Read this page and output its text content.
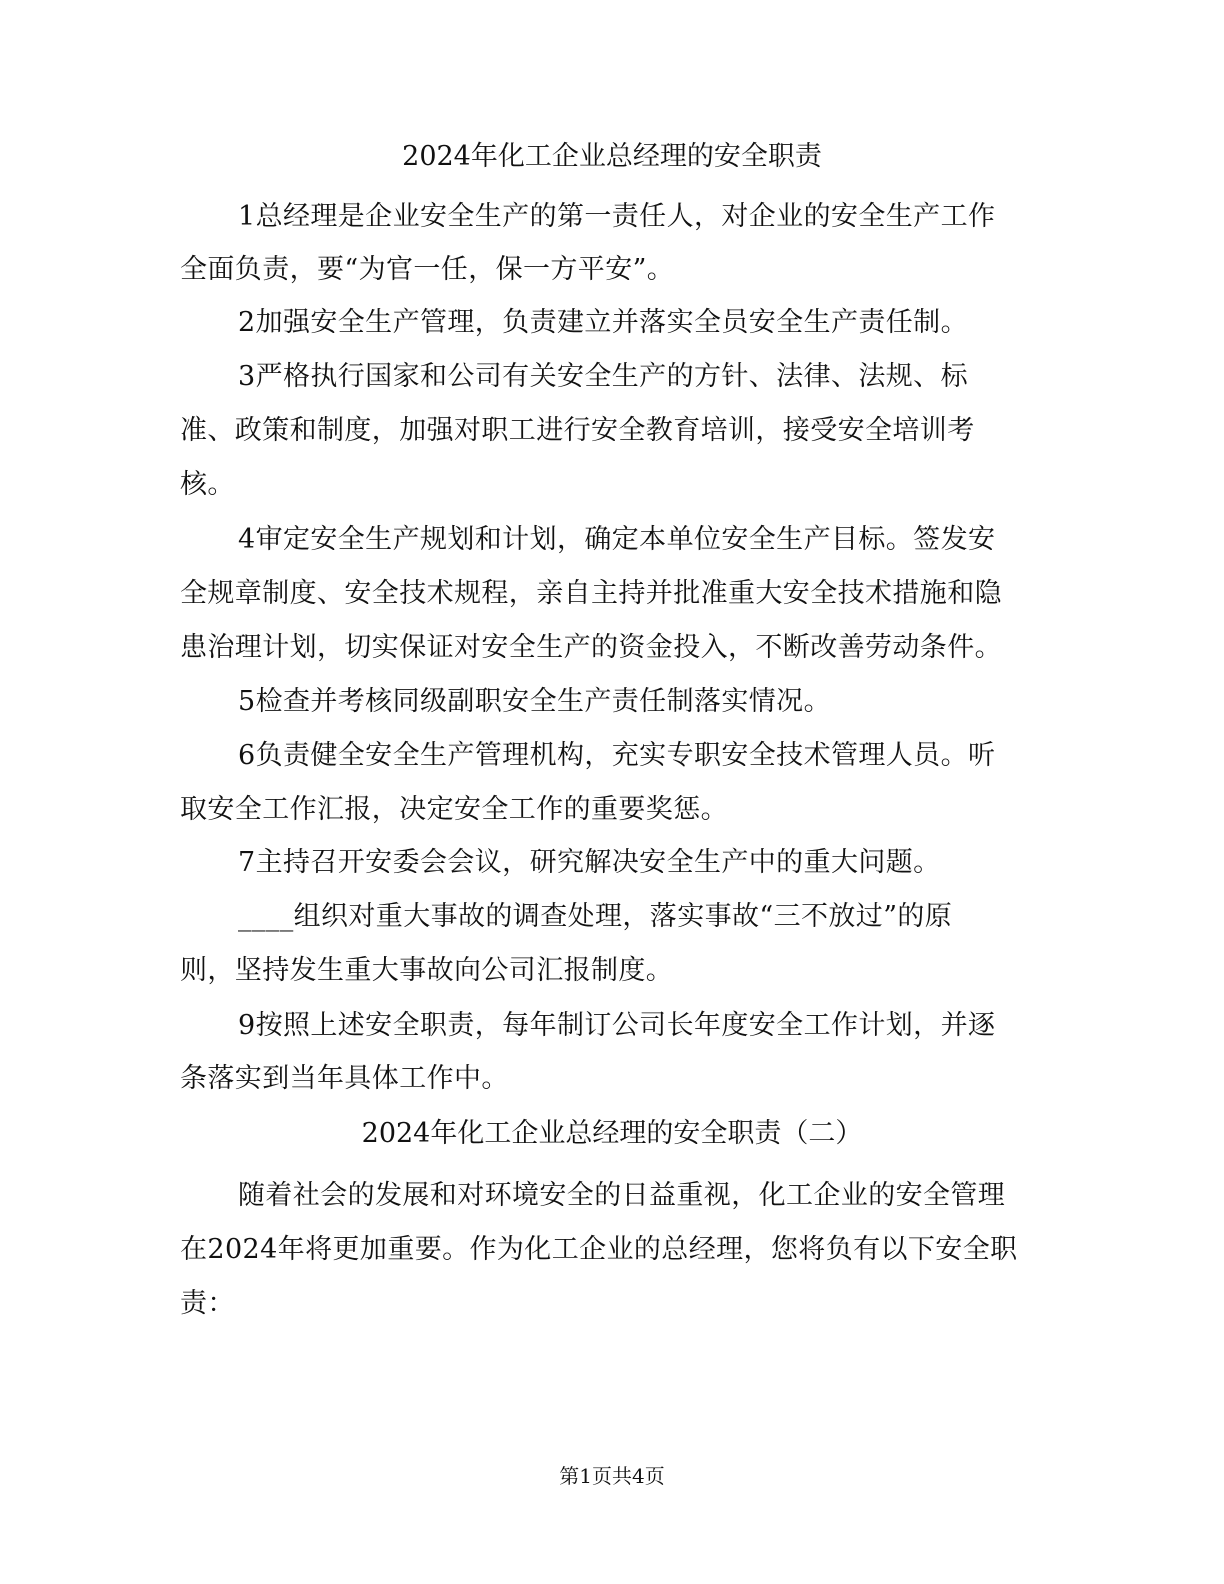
2024年化工企业总经理的安全职责
1总经理是企业安全生产的第一责任人，对企业的安全生产工作
全面负责，要“为官一任，保一方平安”。
2加强安全生产管理，负责建立并落实全员安全生产责任制。
3严格执行国家和公司有关安全生产的方针、法律、法规、标
准、政策和制度，加强对职工进行安全教育培训，接受安全培训考
核。
4审定安全生产规划和计划，确定本单位安全生产目标。签发安
全规章制度、安全技术规程，亲自主持并批准重大安全技术措施和隐
患治理计划，切实保证对安全生产的资金投入，不断改善劳动条件。
5检查并考核同级副职安全生产责任制落实情况。
6负责健全安全生产管理机构，充实专职安全技术管理人员。听
取安全工作汇报，决定安全工作的重要奖惩。
7主持召开安委会会议，研究解决安全生产中的重大问题。
____组织对重大事故的调查处理，落实事故“三不放过”的原
则，坚持发生重大事故向公司汇报制度。
9按照上述安全职责，每年制订公司长年度安全工作计划，并逐
条落实到当年具体工作中。
2024年化工企业总经理的安全职责（二）
随着社会的发展和对环境安全的日益重视，化工企业的安全管理
在2024年将更加重要。作为化工企业的总经理，您将负有以下安全职
责：
第1页共4页
